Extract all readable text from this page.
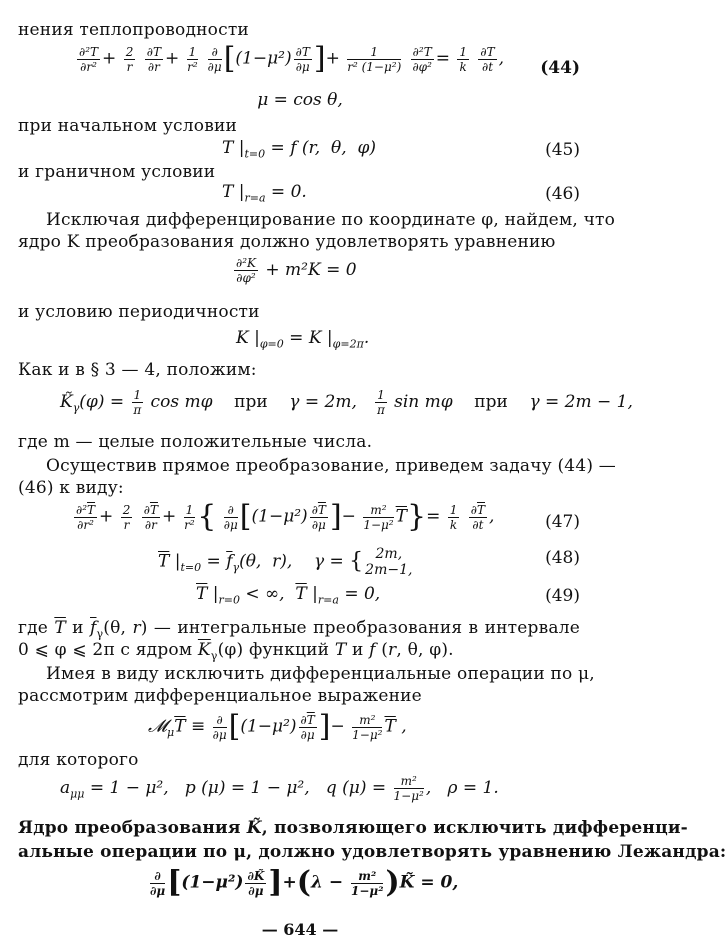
нения теплопроводности
$\frac{\text{∂²T}}{\text{∂r²}} + \frac{2}{r}$
$\frac{\partial T}{\partial r} + \frac{1}{\text{r²}}$
$\frac{\partial}{\partial\mu} [(1-\mu^2) \frac{\partial T}{\partial\mu}$ ]+ $\frac{1}{\text{r² (1−μ²)}}$
$\frac{\text{∂²T}}{\text{∂φ²}} = \frac{1}{k}$
$\frac{\partial T}{\partial t}$ , (44)
μ = cos θ,
при начальном условии
T $|_{t=0} = f$ (r,  θ,  φ)	(45)
и граничном условии
T $|_{r=a} = 0$.	(46)
Исключая дифференцирование по координате φ, найдем, что
ядро K преобразования должно удовлетворять уравнению
$\frac{\text{∂²K}}{\text{∂φ²}} + m^2K = 0$
и условию периодичности
K $|_{\varphi=0} = K$ $|_{\varphi=2\pi}$.
Как и в § 3 — 4, положим:
$K̃_\gamma(\varphi) = \frac{1}{\pi}$ cos mφ    при    γ = 2m, $\frac{1}{\pi}$ sin mφ    при    γ = 2m − 1,
где m — целые положительные числа.
Осуществив прямое преобразование, приведем задачу (44) —
(46) к виду:
$\frac{\partial^2\overline{T}}{\text{∂r²}} + \frac{2}{r}$
$\frac{\partial\overline{T}}{\partial r} + \frac{1}{\text{r²}}$ { $\frac{\partial}{\partial\mu} [(1-\mu^2) \frac{\partial\overline{T}}{\partial\mu}$ ]− $\frac{\text{m²}}{\text{1−μ²}} \overline{T}\}= \frac{1}{k}$
$\frac{\partial\overline{T}}{\partial t}$ ,	(47)
$\overline{T}$ $|_{t=0} = \overline{f}_\gamma(\theta$,  r),    γ = { 2m,
2m−1,
(48)
$\overline{T}$ $|_{r=0}$ < ∞,  $\overline{T}$ $|_{r=a} = 0$,	(49)
где $\overline{T}$ и $\overline{f}_\gamma(\theta$, r) — интегральные преобразования в интервале
0 ⩽ φ ⩽ 2π с ядром $\overline{K}_\gamma(\varphi)$ функций T и f (r, θ, φ).
Имея в виду исключить дифференциальные операции по μ,
рассмотрим дифференциальное выражение
$𝓜_\mu\overline{T} \equiv \frac{\partial}{\partial\mu} [(1-\mu^2) \frac{\partial\overline{T}}{\partial\mu}$ ]− $\frac{\text{m²}}{\text{1−μ²}} \overline{T}$ ,
для которого
$a_{\mu\mu} = 1 - \mu^2$,   p (μ) = 1 − μ²,   q $(\mu) = \frac{\text{m²}}{\text{1−μ²}}$ ,   ρ = 1.
Ядро преобразования K̃, позволяющего исключить дифференци-
альные операции по μ, должно удовлетворять уравнению Лежандра:
$\frac{\partial}{\partial\mu} [(1-\mu^2) \frac{\partial K̃}{\partial\mu} ]+(\lambda - \frac{\text{m²}}{\text{1−μ²}}$ )K̃ = 0,
— 644 —
